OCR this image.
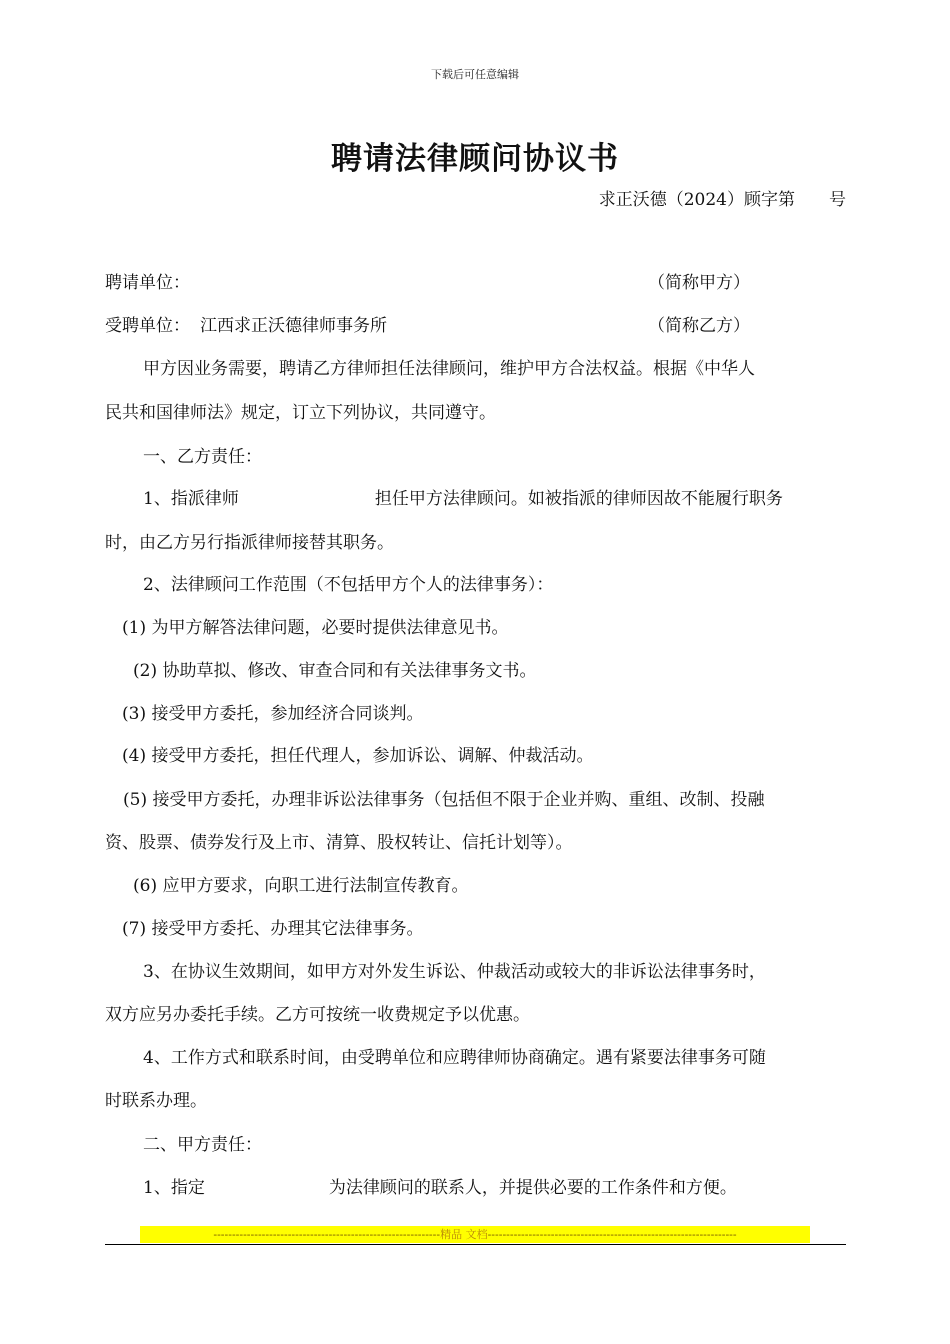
下载后可任意编辑
聘请法律顾问协议书
求正沃德（2024）顾字第　　号
聘请单位：	（简称甲方）
受聘单位： 江西求正沃德律师事务所	（简称乙方）
甲方因业务需要，聘请乙方律师担任法律顾问，维护甲方合法权益。根据《中华人
民共和国律师法》规定，订立下列协议，共同遵守。
一、乙方责任：
1、指派律师	担任甲方法律顾问。如被指派的律师因故不能履行职务
时，由乙方另行指派律师接替其职务。
2、法律顾问工作范围（不包括甲方个人的法律事务）：
(1) 为甲方解答法律问题，必要时提供法律意见书。
(2) 协助草拟、修改、审查合同和有关法律事务文书。
(3) 接受甲方委托，参加经济合同谈判。
(4) 接受甲方委托，担任代理人，参加诉讼、调解、仲裁活动。
(5) 接受甲方委托，办理非诉讼法律事务（包括但不限于企业并购、重组、改制、投融
资、股票、债券发行及上市、清算、股权转让、信托计划等）。
(6) 应甲方要求，向职工进行法制宣传教育。
(7) 接受甲方委托、办理其它法律事务。
3、在协议生效期间，如甲方对外发生诉讼、仲裁活动或较大的非诉讼法律事务时，
双方应另办委托手续。乙方可按统一收费规定予以优惠。
4、工作方式和联系时间，由受聘单位和应聘律师协商确定。遇有紧要法律事务可随
时联系办理。
二、甲方责任：
1、指定	为法律顾问的联系人，并提供必要的工作条件和方便。
-------------------------------------------------------------精品 文档-------------------------------------------------------------------
